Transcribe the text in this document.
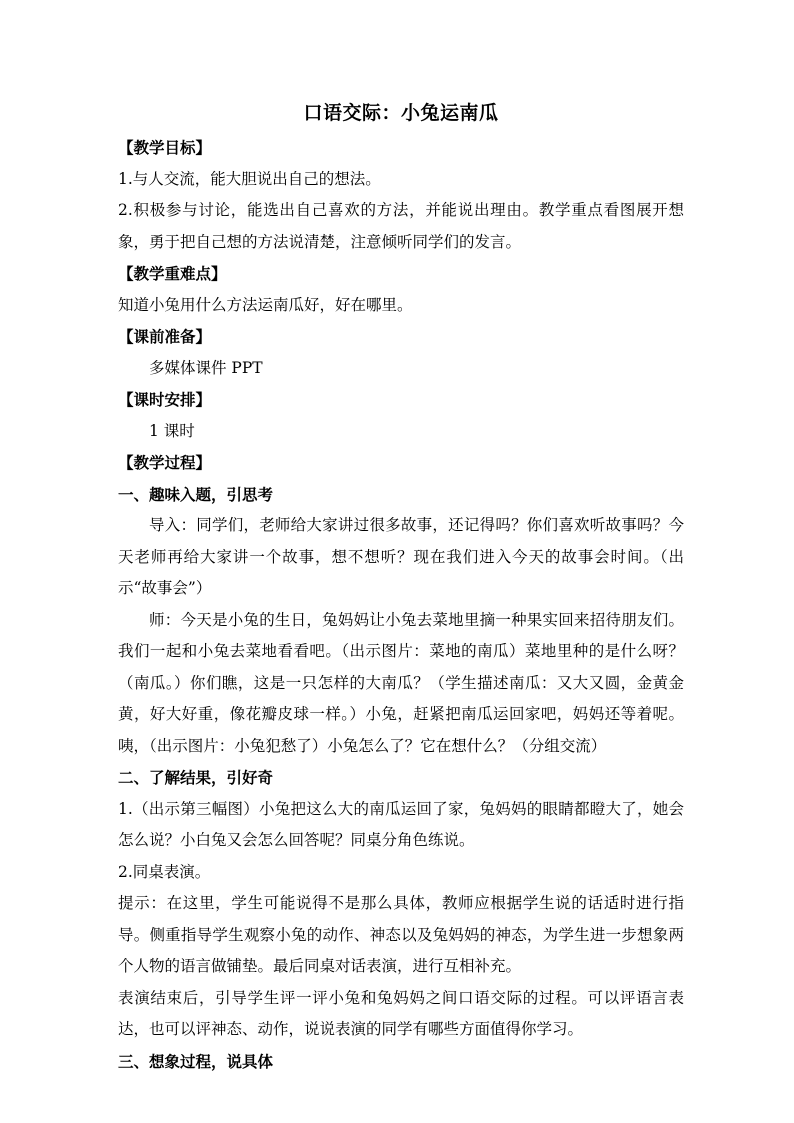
口语交际：小兔运南瓜

【教学目标】

1.与人交流，能大胆说出自己的想法。

2.积极参与讨论，能选出自己喜欢的方法，并能说出理由。教学重点看图展开想象，勇于把自己想的方法说清楚，注意倾听同学们的发言。

【教学重难点】

知道小兔用什么方法运南瓜好，好在哪里。

【课前准备】

多媒体课件 PPT

【课时安排】

1 课时

【教学过程】

一、趣味入题，引思考

导入：同学们，老师给大家讲过很多故事，还记得吗？你们喜欢听故事吗？今天老师再给大家讲一个故事，想不想听？现在我们进入今天的故事会时间。（出示“故事会”）

师：今天是小兔的生日，兔妈妈让小兔去菜地里摘一种果实回来招待朋友们。我们一起和小兔去菜地看看吧。（出示图片：菜地的南瓜）菜地里种的是什么呀？（南瓜。）你们瞧，这是一只怎样的大南瓜？（学生描述南瓜：又大又圆，金黄金黄，好大好重，像花瓣皮球一样。）小兔，赶紧把南瓜运回家吧，妈妈还等着呢。咦，（出示图片：小兔犯愁了）小兔怎么了？它在想什么？（分组交流）

二、了解结果，引好奇

1.（出示第三幅图）小兔把这么大的南瓜运回了家，兔妈妈的眼睛都瞪大了，她会怎么说？小白兔又会怎么回答呢？同桌分角色练说。

2.同桌表演。

提示：在这里，学生可能说得不是那么具体，教师应根据学生说的话适时进行指导。侧重指导学生观察小兔的动作、神态以及兔妈妈的神态，为学生进一步想象两个人物的语言做铺垫。最后同桌对话表演，进行互相补充。

表演结束后，引导学生评一评小兔和兔妈妈之间口语交际的过程。可以评语言表达，也可以评神态、动作，说说表演的同学有哪些方面值得你学习。

三、想象过程，说具体
